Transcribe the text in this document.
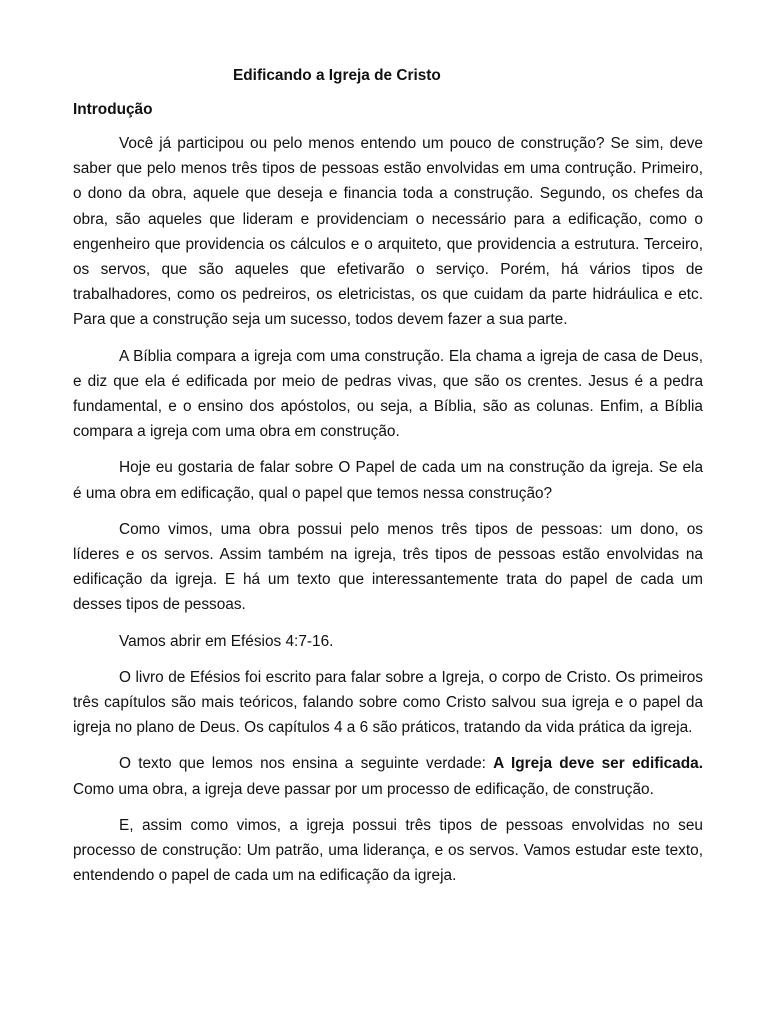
Edificando a Igreja de Cristo
Introdução

Você já participou ou pelo menos entendo um pouco de construção? Se sim, deve saber que pelo menos três tipos de pessoas estão envolvidas em uma contrução. Primeiro, o dono da obra, aquele que deseja e financia toda a construção. Segundo, os chefes da obra, são aqueles que lideram e providenciam o necessário para a edificação, como o engenheiro que providencia os cálculos e o arquiteto, que providencia a estrutura. Terceiro, os servos, que são aqueles que efetivarão o serviço. Porém, há vários tipos de trabalhadores, como os pedreiros, os eletricistas, os que cuidam da parte hidráulica e etc. Para que a construção seja um sucesso, todos devem fazer a sua parte.

A Bíblia compara a igreja com uma construção. Ela chama a igreja de casa de Deus, e diz que ela é edificada por meio de pedras vivas, que são os crentes. Jesus é a pedra fundamental, e o ensino dos apóstolos, ou seja, a Bíblia, são as colunas. Enfim, a Bíblia compara a igreja com uma obra em construção.

Hoje eu gostaria de falar sobre O Papel de cada um na construção da igreja. Se ela é uma obra em edificação, qual o papel que temos nessa construção?

Como vimos, uma obra possui pelo menos três tipos de pessoas: um dono, os líderes e os servos. Assim também na igreja, três tipos de pessoas estão envolvidas na edificação da igreja. E há um texto que interessantemente trata do papel de cada um desses tipos de pessoas.

Vamos abrir em Efésios 4:7-16.

O livro de Efésios foi escrito para falar sobre a Igreja, o corpo de Cristo. Os primeiros três capítulos são mais teóricos, falando sobre como Cristo salvou sua igreja e o papel da igreja no plano de Deus. Os capítulos 4 a 6 são práticos, tratando da vida prática da igreja.

O texto que lemos nos ensina a seguinte verdade: A Igreja deve ser edificada. Como uma obra, a igreja deve passar por um processo de edificação, de construção.

E, assim como vimos, a igreja possui três tipos de pessoas envolvidas no seu processo de construção: Um patrão, uma liderança, e os servos. Vamos estudar este texto, entendendo o papel de cada um na edificação da igreja.
